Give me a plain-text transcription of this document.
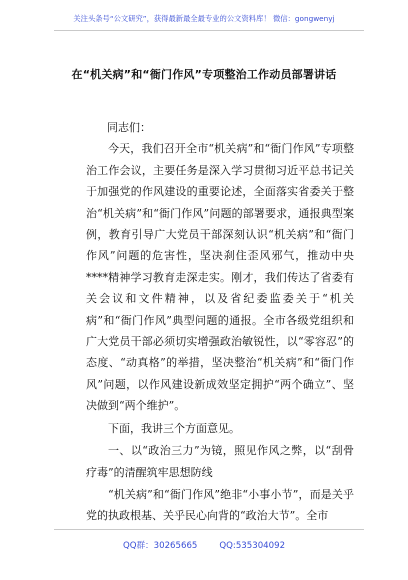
关注头条号“公文研究”，获得最新最全最专业的公文资料库！ 微信：gongwenyj
在“机关病”和“衙门作风”专项整治工作动员部署讲话

同志们：

今天，我们召开全市“机关病”和“衙门作风”专项整治工作会议，主要任务是深入学习贯彻习近平总书记关于加强党的作风建设的重要论述，全面落实省委关于整治“机关病”和“衙门作风”问题的部署要求，通报典型案例，教育引导广大党员干部深刻认识“机关病”和“衙门作风”问题的危害性，坚决刹住歪风邪气，推动中央****精神学习教育走深走实。刚才，我们传达了省委有关会议和文件精神，以及省纪委监委关于“机关病”和“衙门作风”典型问题的通报。全市各级党组织和广大党员干部必须切实增强政治敏锐性，以“零容忍”的态度、“动真格”的举措，坚决整治“机关病”和“衙门作风”问题，以作风建设新成效坚定拥护“两个确立”、坚决做到“两个维护”。

下面，我讲三个方面意见。

一、以“政治三力”为镜，照见作风之弊，以“刮骨疗毒”的清醒筑牢思想防线

“机关病”和“衙门作风”绝非“小事小节”，而是关乎党的执政根基、关乎民心向背的“政治大节”。全市

QQ群：30265665	QQ:535304092
